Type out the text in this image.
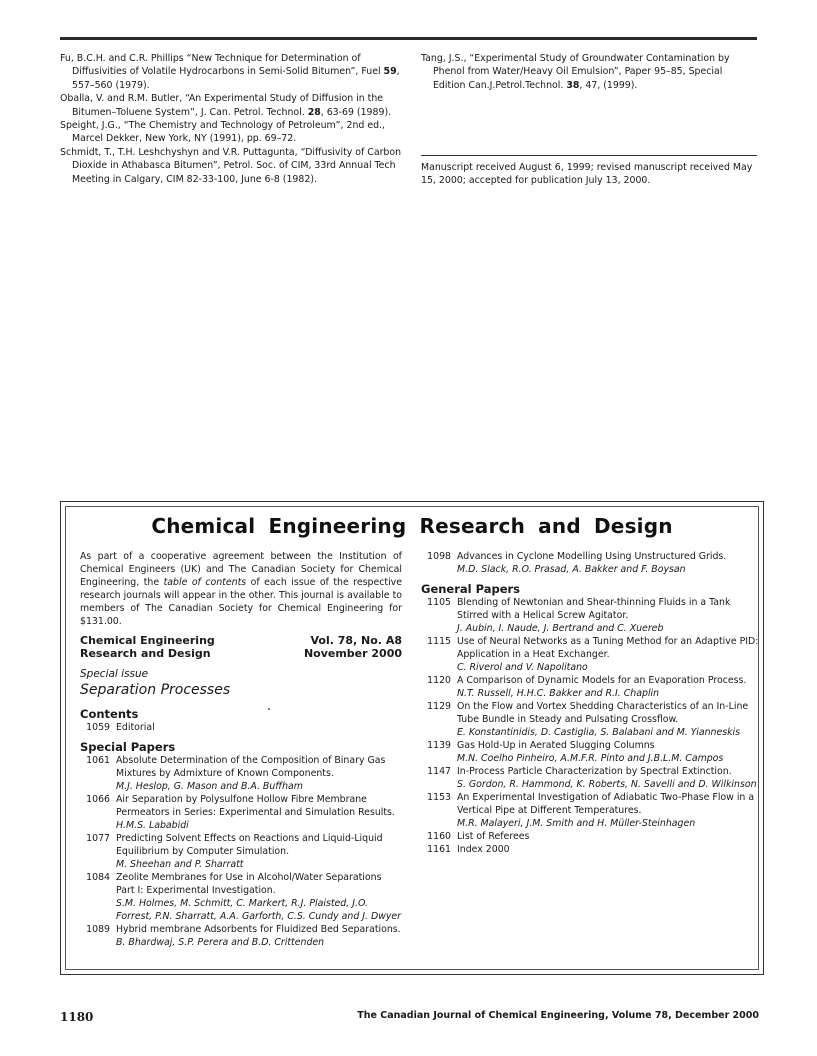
Fu, B.C.H. and C.R. Phillips “New Technique for Determination of Diffusivities of Volatile Hydrocarbons in Semi-Solid Bitumen”, Fuel 59, 557–560 (1979).

Oballa, V. and R.M. Butler, “An Experimental Study of Diffusion in the Bitumen–Toluene System”, J. Can. Petrol. Technol. 28, 63-69 (1989).

Speight, J.G., “The Chemistry and Technology of Petroleum”, 2nd ed., Marcel Dekker, New York, NY (1991), pp. 69–72.

Schmidt, T., T.H. Leshchyshyn and V.R. Puttagunta, “Diffusivity of Carbon Dioxide in Athabasca Bitumen”, Petrol. Soc. of CIM, 33rd Annual Tech Meeting in Calgary, CIM 82-33-100, June 6-8 (1982).

Tang, J.S., “Experimental Study of Groundwater Contamination by Phenol from Water/Heavy Oil Emulsion”, Paper 95–85, Special Edition Can.J.Petrol.Technol. 38, 47, (1999).

Manuscript received August 6, 1999; revised manuscript received May 15, 2000; accepted for publication July 13, 2000.
Chemical Engineering Research and Design

As part of a cooperative agreement between the Institution of Chemical Engineers (UK) and The Canadian Society for Chemical Engineering, the table of contents of each issue of the respective research journals will appear in the other. This journal is available to members of The Canadian Society for Chemical Engineering for $131.00.

Chemical Engineering Research and Design
Vol. 78, No. A8
November 2000
Special issue
Separation Processes
Contents
1059 Editorial
Special Papers
1061 Absolute Determination of the Composition of Binary Gas Mixtures by Admixture of Known Components.
M.J. Heslop, G. Mason and B.A. Buffham
1066 Air Separation by Polysulfone Hollow Fibre Membrane Permeators in Series: Experimental and Simulation Results.
H.M.S. Lababidi
1077 Predicting Solvent Effects on Reactions and Liquid-Liquid Equilibrium by Computer Simulation.
M. Sheehan and P. Sharratt
1084 Zeolite Membranes for Use in Alcohol/Water Separations Part I: Experimental Investigation.
S.M. Holmes, M. Schmitt, C. Markert, R.J. Plaisted, J.O. Forrest, P.N. Sharratt, A.A. Garforth, C.S. Cundy and J. Dwyer
1089 Hybrid membrane Adsorbents for Fluidized Bed Separations.
B. Bhardwaj, S.P. Perera and B.D. Crittenden
1098 Advances in Cyclone Modelling Using Unstructured Grids.
M.D. Slack, R.O. Prasad, A. Bakker and F. Boysan
General Papers
1105 Blending of Newtonian and Shear-thinning Fluids in a Tank Stirred with a Helical Screw Agitator.
J. Aubin, I. Naude, J. Bertrand and C. Xuereb
1115 Use of Neural Networks as a Tuning Method for an Adaptive PID: Application in a Heat Exchanger.
C. Riverol and V. Napolitano
1120 A Comparison of Dynamic Models for an Evaporation Process.
N.T. Russell, H.H.C. Bakker and R.I. Chaplin
1129 On the Flow and Vortex Shedding Characteristics of an In-Line Tube Bundle in Steady and Pulsating Crossflow.
E. Konstantinidis, D. Castiglia, S. Balabani and M. Yianneskis
1139 Gas Hold-Up in Aerated Slugging Columns
M.N. Coelho Pinheiro, A.M.F.R. Pinto and J.B.L.M. Campos
1147 In-Process Particle Characterization by Spectral Extinction.
S. Gordon, R. Hammond, K. Roberts, N. Savelli and D. Wilkinson
1153 An Experimental Investigation of Adiabatic Two-Phase Flow in a Vertical Pipe at Different Temperatures.
M.R. Malayeri, J.M. Smith and H. Müller-Steinhagen
1160 List of Referees
1161 Index 2000
1180	The Canadian Journal of Chemical Engineering, Volume 78, December 2000
